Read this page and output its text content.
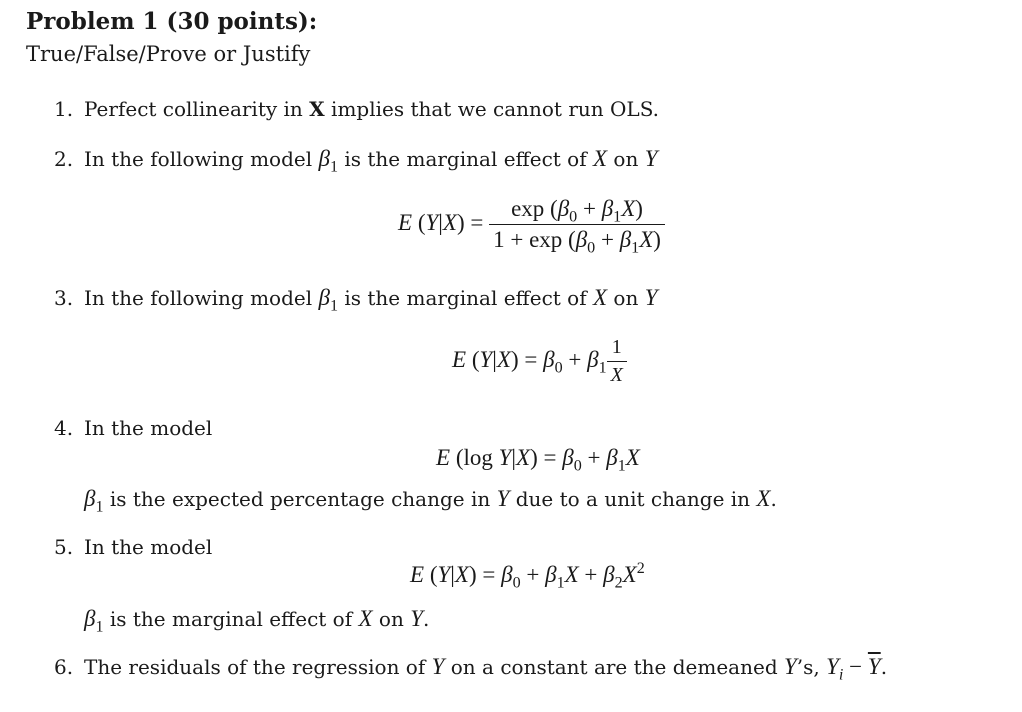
Problem 1 (30 points):
True/False/Prove or Justify
1. Perfect collinearity in X implies that we cannot run OLS.
2. In the following model $\beta_1$ is the marginal effect of X on Y
E $(Y|X) = \frac{\exp (\beta_0 + \beta_1X)}{1 + \exp (\beta_0 + \beta_1X)}$
3. In the following model $\beta_1$ is the marginal effect of X on Y
E $(Y|X) = \beta_0 + \beta_1 \frac{1}{X}$
4. In the model
E (log $Y|X) = \beta_0 + \beta_1X$
$\beta_1$ is the expected percentage change in Y due to a unit change in X.
5. In the model
E $(Y|X) = \beta_0 + \beta_1X + \beta_2X^2$
$\beta_1$ is the marginal effect of X on Y.
6. The residuals of the regression of Y on a constant are the demeaned Y’s, $Y_i - \overline{Y}$.
